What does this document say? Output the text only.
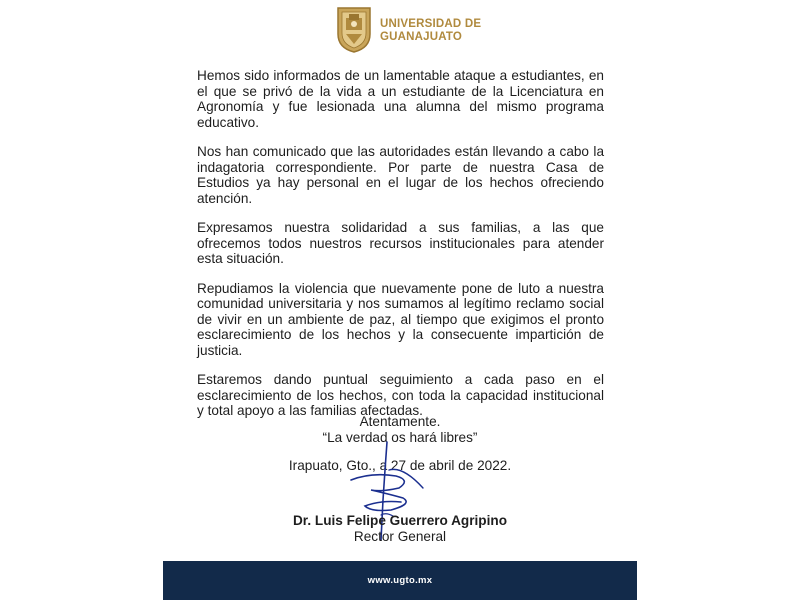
UNIVERSIDAD DE
GUANAJUATO

Hemos sido informados de un lamentable ataque a estudiantes, en el que se privó de la vida a un estudiante de la Licenciatura en Agronomía y fue lesionada una alumna del mismo programa educativo.

Nos han comunicado que las autoridades están llevando a cabo la indagatoria correspondiente. Por parte de nuestra Casa de Estudios ya hay personal en el lugar de los hechos ofreciendo atención.

Expresamos nuestra solidaridad a sus familias, a las que ofrecemos todos nuestros recursos institucionales para atender esta situación.

Repudiamos la violencia que nuevamente pone de luto a nuestra comunidad universitaria y nos sumamos al legítimo reclamo social de vivir en un ambiente de paz, al tiempo que exigimos el pronto esclarecimiento de los hechos y la consecuente impartición de justicia.

Estaremos dando puntual seguimiento a cada paso en el esclarecimiento de los hechos, con toda la capacidad institucional y total apoyo a las familias afectadas.

Atentamente.
“La verdad os hará libres”
Irapuato, Gto., a 27 de abril de 2022.
Dr. Luis Felipe Guerrero Agripino
Rector General
www.ugto.mx
